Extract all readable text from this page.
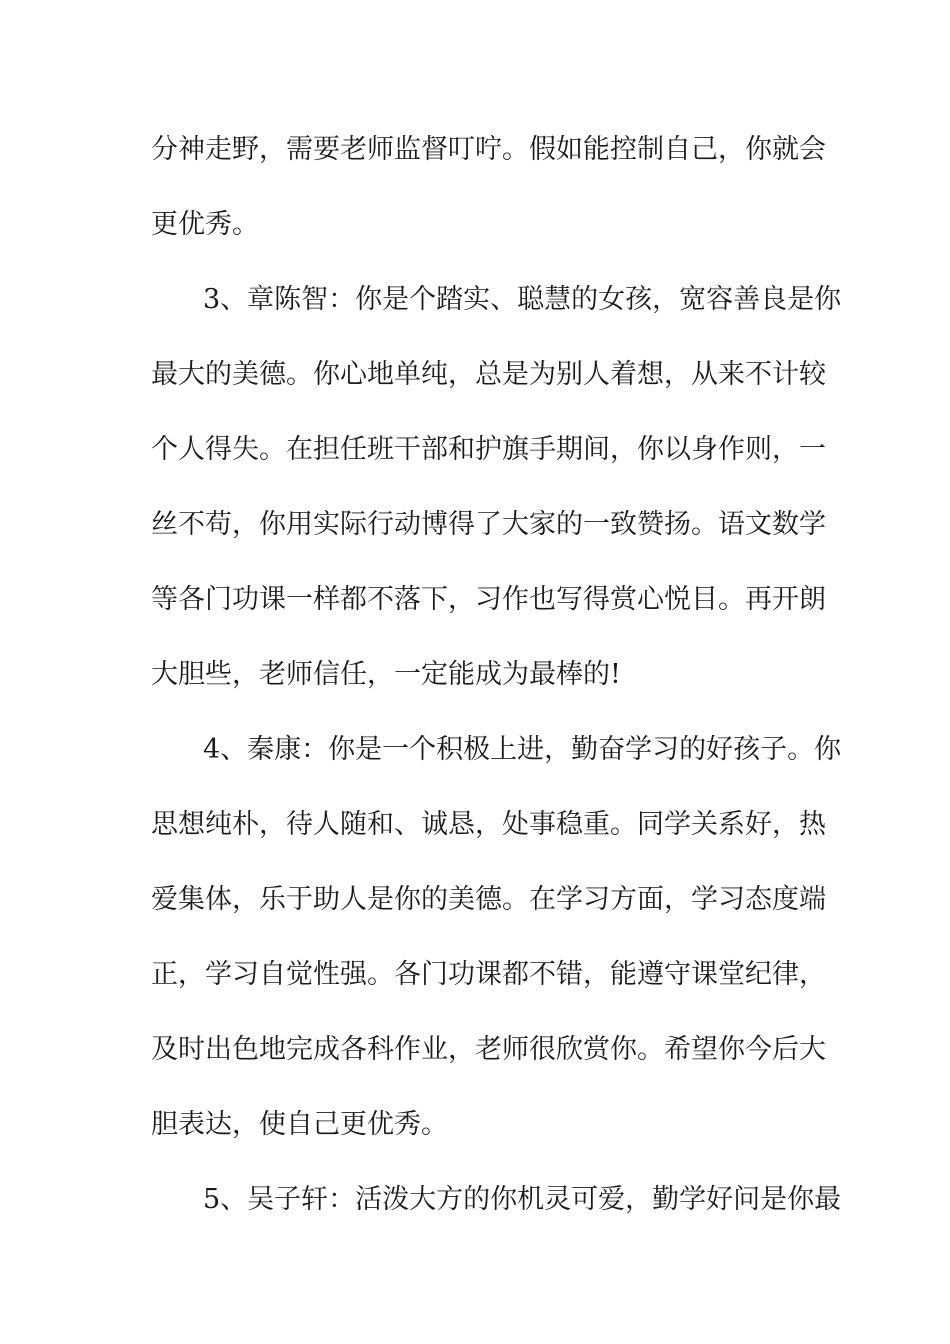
分神走野，需要老师监督叮咛。假如能控制自己，你就会

更优秀。

3、章陈智：你是个踏实、聪慧的女孩，宽容善良是你

最大的美德。你心地单纯，总是为别人着想，从来不计较

个人得失。在担任班干部和护旗手期间，你以身作则，一

丝不苟，你用实际行动博得了大家的一致赞扬。语文数学

等各门功课一样都不落下，习作也写得赏心悦目。再开朗

大胆些，老师信任，一定能成为最棒的!

4、秦康：你是一个积极上进，勤奋学习的好孩子。你

思想纯朴，待人随和、诚恳，处事稳重。同学关系好，热

爱集体，乐于助人是你的美德。在学习方面，学习态度端

正，学习自觉性强。各门功课都不错，能遵守课堂纪律，

及时出色地完成各科作业，老师很欣赏你。希望你今后大

胆表达，使自己更优秀。

5、吴子轩：活泼大方的你机灵可爱，勤学好问是你最
